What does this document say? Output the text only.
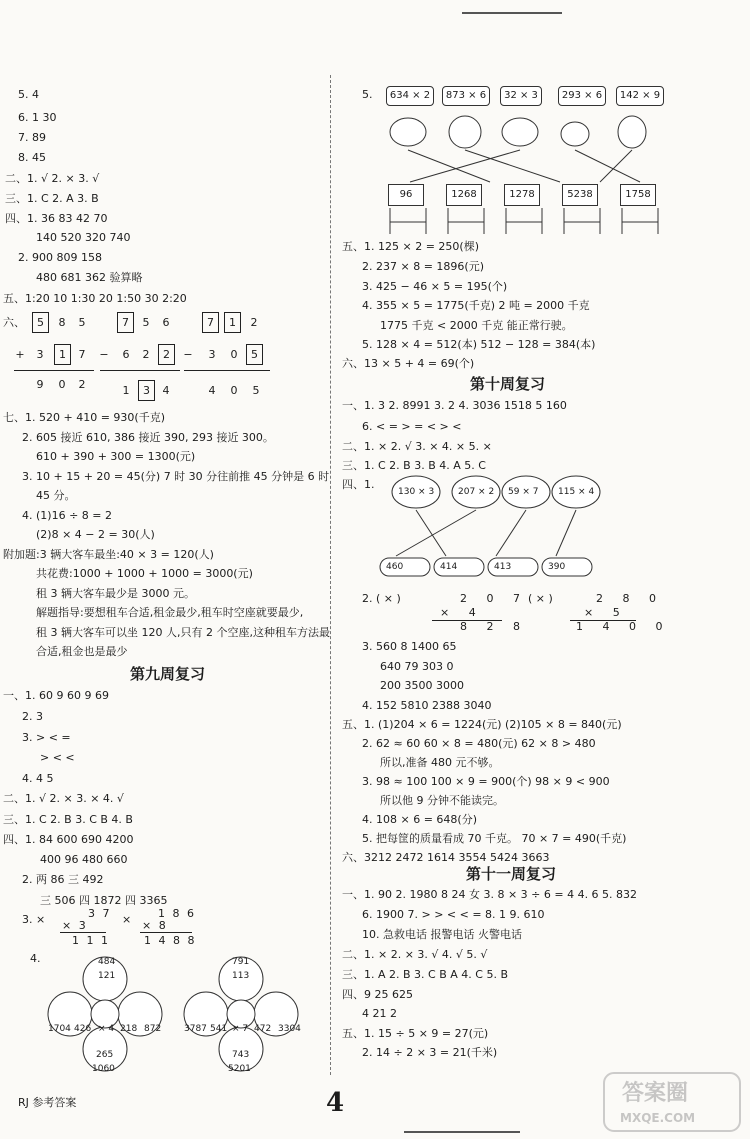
5. 4
6. 1 30
7. 89
8. 45
二、1. √ 2. × 3. √
三、1. C 2. A 3. B
四、1. 36 83 42 70
140 520 320 740
2. 900 809 158
480 681 362 验算略
五、1:20 10 1:30 20 1:50 30 2:20
六、	5	8 5
+ 3	1	7
9 0 2
7	5 6
− 6 2	2
1	3	4
7	1	2
− 3 0	5
4 0 5
七、1. 520 + 410 = 930(千克)
2. 605 接近 610, 386 接近 390, 293 接近 300。
610 + 390 + 300 = 1300(元)
3. 10 + 15 + 20 = 45(分) 7 时 30 分往前推 45 分钟是 6 时
45 分。
4. (1)16 ÷ 8 = 2
(2)8 × 4 − 2 = 30(人)
附加题:3 辆大客车最坐:40 × 3 = 120(人)
共花费:1000 + 1000 + 1000 = 3000(元)
租 3 辆大客车最少是 3000 元。
解题指导:要想租车合适,租金最少,租车时空座就要最少,
租 3 辆大客车可以坐 120 人,只有 2 个空座,这种租车方法最
合适,租金也是最少
第九周复习
一、1. 60 9 60 9 69
2. 3
3. > < =
> < <
4. 4 5
二、1. √ 2. × 3. × 4. √
三、1. C 2. B 3. C B 4. B
四、1. 84 600 690 4200
400 96 480 660
2. 两 86 三 492
三 506 四 1872 四 3365
3. ×	3 7
× 3
1 1 1
× 1 8 6
× 8
1 4 8 8
4.	484
121
872
218
1060
265
426
1704	× 4
791
113
472 3304
5201
743
541
3787	× 7
RJ 参考答案	4
5.	634 × 2	873 × 6	32 × 3	293 × 6	142 × 9
96	1268	1278	5238	1758
五、1. 125 × 2 = 250(棵)
2. 237 × 8 = 1896(元)
3. 425 − 46 × 5 = 195(个)
4. 355 × 5 = 1775(千克) 2 吨 = 2000 千克
1775 千克 < 2000 千克 能正常行驶。
5. 128 × 4 = 512(本) 512 − 128 = 384(本)
六、13 × 5 + 4 = 69(个)
第十周复习
一、1. 3 2. 8991 3. 2 4. 3036 1518 5 160
6. < = > = < > <
二、1. × 2. √ 3. × 4. × 5. ×
三、1. C 2. B 3. B 4. A 5. C
四、1.
130 × 3	207 × 2 59 × 7 115 × 4
460	414	413	390
2. ( × )	2 0 7
× 4
8 2 8
( × )	2 8 0
× 5
1 4 0 0
3. 560 8 1400 65
640 79 303 0
200 3500 3000
4. 152 5810 2388 3040
五、1. (1)204 × 6 = 1224(元) (2)105 × 8 = 840(元)
2. 62 ≈ 60 60 × 8 = 480(元) 62 × 8 > 480
所以,准备 480 元不够。
3. 98 ≈ 100 100 × 9 = 900(个) 98 × 9 < 900
所以他 9 分钟不能读完。
4. 108 × 6 = 648(分)
5. 把每筐的质量看成 70 千克。 70 × 7 = 490(千克)
六、3212 2472 1614 3554 5424 3663
第十一周复习
一、1. 90 2. 1980 8 24 女 3. 8 × 3 ÷ 6 = 4 4. 6 5. 832
6. 1900 7. > > < < = 8. 1 9. 610
10. 急救电话 报警电话 火警电话
二、1. × 2. × 3. √ 4. √ 5. √
三、1. A 2. B 3. C B A 4. C 5. B
四、9 25 625
4 21 2
五、1. 15 ÷ 5 × 9 = 27(元)
2. 14 ÷ 2 × 3 = 21(千米)
答案圈
MXQE.COM
